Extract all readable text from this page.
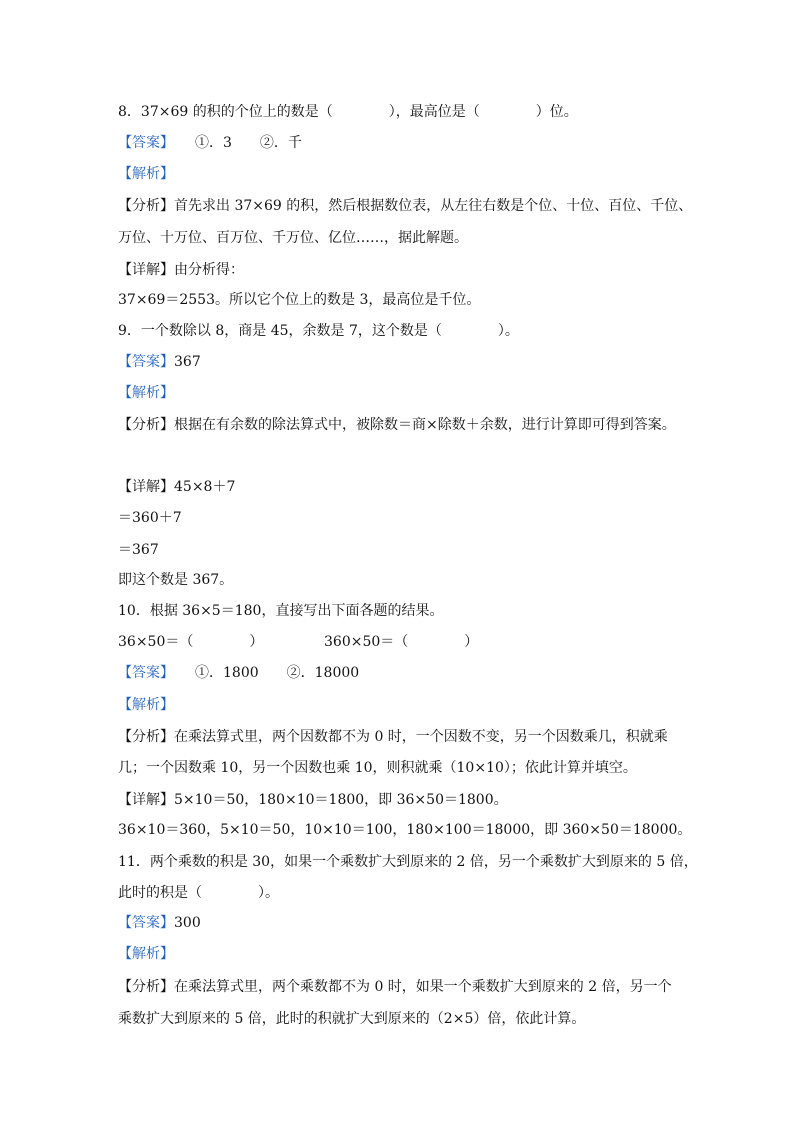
8．37×69 的积的个位上的数是（　　　　），最高位是（　　　　）位。
【答案】　　①．3　　②．千
【解析】
【分析】首先求出 37×69 的积，然后根据数位表，从左往右数是个位、十位、百位、千位、
万位、十万位、百万位、千万位、亿位……，据此解题。
【详解】由分析得：
37×69＝2553。所以它个位上的数是 3，最高位是千位。
9．一个数除以 8，商是 45，余数是 7，这个数是（　　　　）。
【答案】367
【解析】
【分析】根据在有余数的除法算式中，被除数＝商×除数＋余数，进行计算即可得到答案。
【详解】45×8＋7
＝360＋7
＝367
即这个数是 367。
10．根据 36×5＝180，直接写出下面各题的结果。
36×50＝（　　　　）	360×50＝（　　　　）
【答案】　　①．1800　　②．18000
【解析】
【分析】在乘法算式里，两个因数都不为 0 时，一个因数不变，另一个因数乘几，积就乘
几；一个因数乘 10，另一个因数也乘 10，则积就乘（10×10）；依此计算并填空。
【详解】5×10＝50，180×10＝1800，即 36×50＝1800。
36×10＝360，5×10＝50，10×10＝100，180×100＝18000，即 360×50＝18000。
11．两个乘数的积是 30，如果一个乘数扩大到原来的 2 倍，另一个乘数扩大到原来的 5 倍，
此时的积是（　　　　）。
【答案】300
【解析】
【分析】在乘法算式里，两个乘数都不为 0 时，如果一个乘数扩大到原来的 2 倍，另一个
乘数扩大到原来的 5 倍，此时的积就扩大到原来的（2×5）倍，依此计算。
